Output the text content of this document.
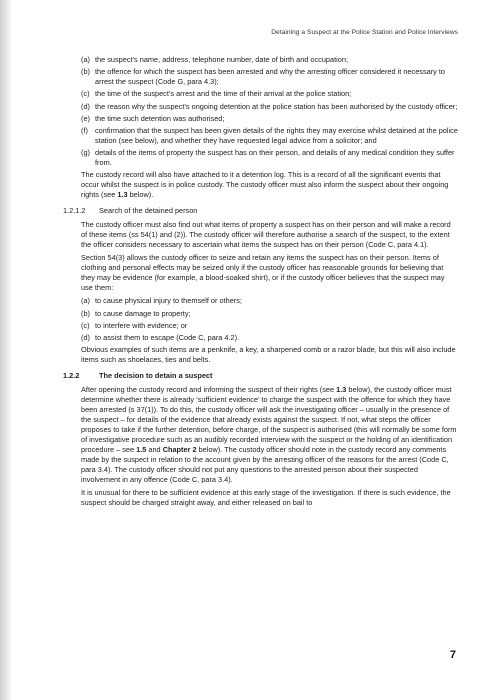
Detaining a Suspect at the Police Station and Police Interviews
(a) the suspect’s name, address, telephone number, date of birth and occupation;
(b) the offence for which the suspect has been arrested and why the arresting officer considered it necessary to arrest the suspect (Code G, para 4.3);
(c) the time of the suspect’s arrest and the time of their arrival at the police station;
(d) the reason why the suspect’s ongoing detention at the police station has been authorised by the custody officer;
(e) the time such detention was authorised;
(f) confirmation that the suspect has been given details of the rights they may exercise whilst detained at the police station (see below), and whether they have requested legal advice from a solicitor; and
(g) details of the items of property the suspect has on their person, and details of any medical condition they suffer from.

The custody record will also have attached to it a detention log. This is a record of all the significant events that occur whilst the suspect is in police custody. The custody officer must also inform the suspect about their ongoing rights (see 1.3 below).

1.2.1.2	Search of the detained person

The custody officer must also find out what items of property a suspect has on their person and will make a record of these items (ss 54(1) and (2)). The custody officer will therefore authorise a search of the suspect, to the extent the officer considers necessary to ascertain what items the suspect has on their person (Code C, para 4.1).

Section 54(3) allows the custody officer to seize and retain any items the suspect has on their person. Items of clothing and personal effects may be seized only if the custody officer has reasonable grounds for believing that they may be evidence (for example, a blood-soaked shirt), or if the custody officer believes that the suspect may use them:

(a) to cause physical injury to themself or others;
(b) to cause damage to property;
(c) to interfere with evidence; or
(d) to assist them to escape (Code C, para 4.2).

Obvious examples of such items are a penknife, a key, a sharpened comb or a razor blade, but this will also include items such as shoelaces, ties and belts.

1.2.2	The decision to detain a suspect

After opening the custody record and informing the suspect of their rights (see 1.3 below), the custody officer must determine whether there is already ‘sufficient evidence’ to charge the suspect with the offence for which they have been arrested (s 37(1)). To do this, the custody officer will ask the investigating officer – usually in the presence of the suspect – for details of the evidence that already exists against the suspect. If not, what steps the officer proposes to take if the further detention, before charge, of the suspect is authorised (this will normally be some form of investigative procedure such as an audibly recorded interview with the suspect or the holding of an identification procedure – see 1.5 and Chapter 2 below). The custody officer should note in the custody record any comments made by the suspect in relation to the account given by the arresting officer of the reasons for the arrest (Code C, para 3.4). The custody officer should not put any questions to the arrested person about their suspected involvement in any offence (Code C, para 3.4).

It is unusual for there to be sufficient evidence at this early stage of the investigation. If there is such evidence, the suspect should be charged straight away, and either released on bail to

7
